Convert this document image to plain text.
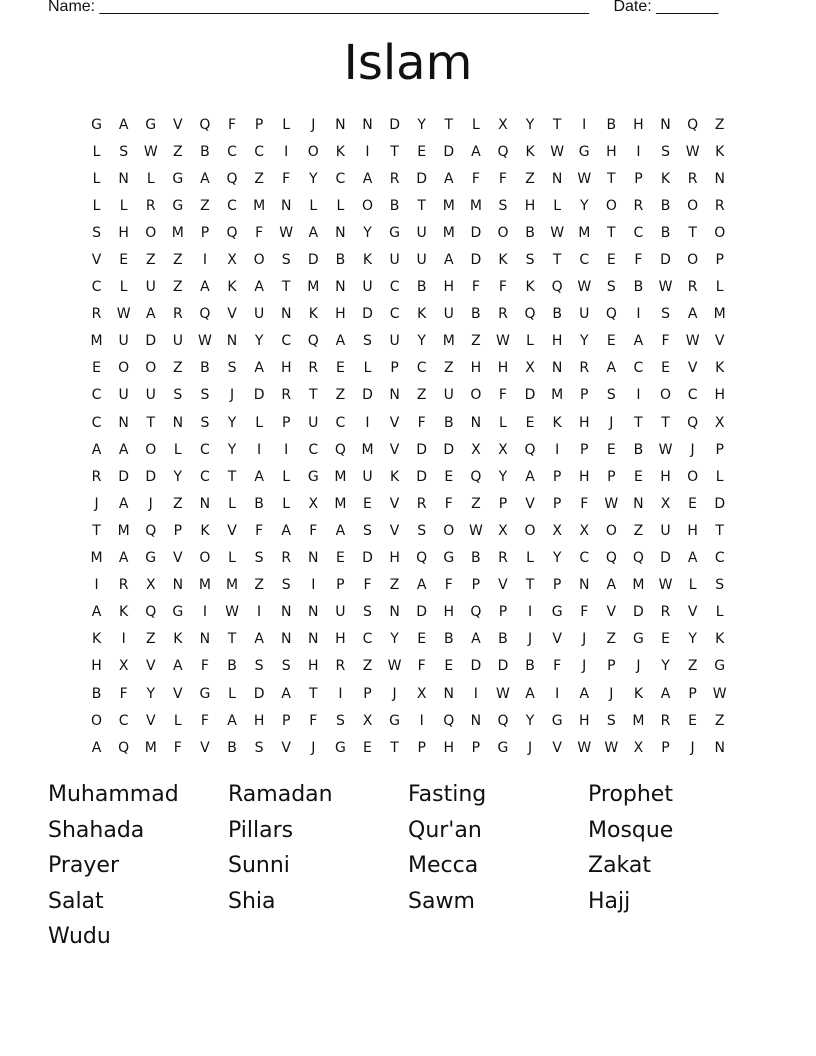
Name: _______________________________________________________ Date: _______
Islam
G	A	G	V	Q	F	P	L	J	N	N	D	Y	T	L	X	Y	T	I	B	H	N	Q	Z
L	S	W	Z	B	C	C	I	O	K	I	T	E	D	A	Q	K	W	G	H	I	S	W	K
L	N	L	G	A	Q	Z	F	Y	C	A	R	D	A	F	F	Z	N	W	T	P	K	R	N
L	L	R	G	Z	C	M	N	L	L	O	B	T	M	M	S	H	L	Y	O	R	B	O	R
S	H	O	M	P	Q	F	W	A	N	Y	G	U	M	D	O	B	W	M	T	C	B	T	O
V	E	Z	Z	I	X	O	S	D	B	K	U	U	A	D	K	S	T	C	E	F	D	O	P
C	L	U	Z	A	K	A	T	M	N	U	C	B	H	F	F	K	Q	W	S	B	W	R	L
R	W	A	R	Q	V	U	N	K	H	D	C	K	U	B	R	Q	B	U	Q	I	S	A	M
M	U	D	U	W	N	Y	C	Q	A	S	U	Y	M	Z	W	L	H	Y	E	A	F	W	V
E	O	O	Z	B	S	A	H	R	E	L	P	C	Z	H	H	X	N	R	A	C	E	V	K
C	U	U	S	S	J	D	R	T	Z	D	N	Z	U	O	F	D	M	P	S	I	O	C	H
C	N	T	N	S	Y	L	P	U	C	I	V	F	B	N	L	E	K	H	J	T	T	Q	X
A	A	O	L	C	Y	I	I	C	Q	M	V	D	D	X	X	Q	I	P	E	B	W	J	P
R	D	D	Y	C	T	A	L	G	M	U	K	D	E	Q	Y	A	P	H	P	E	H	O	L
J	A	J	Z	N	L	B	L	X	M	E	V	R	F	Z	P	V	P	F	W	N	X	E	D
T	M	Q	P	K	V	F	A	F	A	S	V	S	O	W	X	O	X	X	O	Z	U	H	T
M	A	G	V	O	L	S	R	N	E	D	H	Q	G	B	R	L	Y	C	Q	Q	D	A	C
I	R	X	N	M	M	Z	S	I	P	F	Z	A	F	P	V	T	P	N	A	M	W	L	S
A	K	Q	G	I	W	I	N	N	U	S	N	D	H	Q	P	I	G	F	V	D	R	V	L
K	I	Z	K	N	T	A	N	N	H	C	Y	E	B	A	B	J	V	J	Z	G	E	Y	K
H	X	V	A	F	B	S	S	H	R	Z	W	F	E	D	D	B	F	J	P	J	Y	Z	G
B	F	Y	V	G	L	D	A	T	I	P	J	X	N	I	W	A	I	A	J	K	A	P	W
O	C	V	L	F	A	H	P	F	S	X	G	I	Q	N	Q	Y	G	H	S	M	R	E	Z
A	Q	M	F	V	B	S	V	J	G	E	T	P	H	P	G	J	V	W W	X	P	J	N
Muhammad	Ramadan	Fasting	Prophet
Shahada	Pillars	Qur'an	Mosque
Prayer	Sunni	Mecca	Zakat
Salat	Shia	Sawm	Hajj
Wudu
